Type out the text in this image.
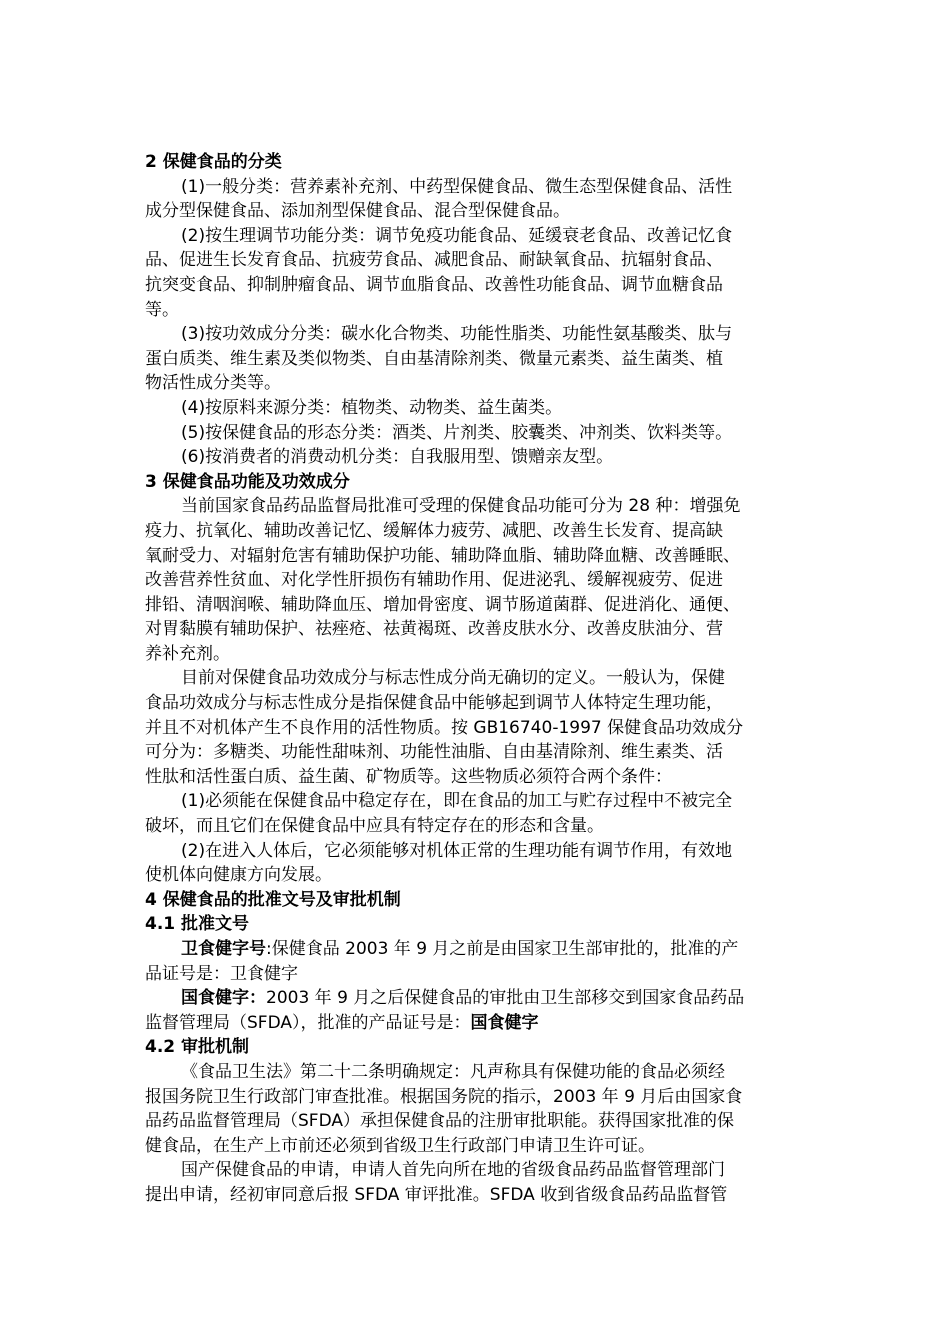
2 保健食品的分类
(1)一般分类：营养素补充剂、中药型保健食品、微生态型保健食品、活性
成分型保健食品、添加剂型保健食品、混合型保健食品。
(2)按生理调节功能分类：调节免疫功能食品、延缓衰老食品、改善记忆食
品、促进生长发育食品、抗疲劳食品、减肥食品、耐缺氧食品、抗辐射食品、
抗突变食品、抑制肿瘤食品、调节血脂食品、改善性功能食品、调节血糖食品
等。
(3)按功效成分分类：碳水化合物类、功能性脂类、功能性氨基酸类、肽与
蛋白质类、维生素及类似物类、自由基清除剂类、微量元素类、益生菌类、植
物活性成分类等。
(4)按原料来源分类：植物类、动物类、益生菌类。
(5)按保健食品的形态分类：酒类、片剂类、胶囊类、冲剂类、饮料类等。
(6)按消费者的消费动机分类：自我服用型、馈赠亲友型。
3 保健食品功能及功效成分
当前国家食品药品监督局批准可受理的保健食品功能可分为 28 种：增强免
疫力、抗氧化、辅助改善记忆、缓解体力疲劳、减肥、改善生长发育、提高缺
氧耐受力、对辐射危害有辅助保护功能、辅助降血脂、辅助降血糖、改善睡眠、
改善营养性贫血、对化学性肝损伤有辅助作用、促进泌乳、缓解视疲劳、促进
排铅、清咽润喉、辅助降血压、增加骨密度、调节肠道菌群、促进消化、通便、
对胃黏膜有辅助保护、祛痤疮、祛黄褐斑、改善皮肤水分、改善皮肤油分、营
养补充剂。
目前对保健食品功效成分与标志性成分尚无确切的定义。一般认为，保健
食品功效成分与标志性成分是指保健食品中能够起到调节人体特定生理功能，
并且不对机体产生不良作用的活性物质。按 GB16740-1997 保健食品功效成分
可分为：多糖类、功能性甜味剂、功能性油脂、自由基清除剂、维生素类、活
性肽和活性蛋白质、益生菌、矿物质等。这些物质必须符合两个条件：
(1)必须能在保健食品中稳定存在，即在食品的加工与贮存过程中不被完全
破坏，而且它们在保健食品中应具有特定存在的形态和含量。
(2)在进入人体后，它必须能够对机体正常的生理功能有调节作用，有效地
使机体向健康方向发展。
4 保健食品的批准文号及审批机制
4.1 批准文号
卫食健字号:保健食品 2003 年 9 月之前是由国家卫生部审批的，批准的产
品证号是：卫食健字
国食健字：2003 年 9 月之后保健食品的审批由卫生部移交到国家食品药品
监督管理局（SFDA），批准的产品证号是：国食健字
4.2 审批机制
《食品卫生法》第二十二条明确规定：凡声称具有保健功能的食品必须经
报国务院卫生行政部门审查批准。根据国务院的指示，2003 年 9 月后由国家食
品药品监督管理局（SFDA）承担保健食品的注册审批职能。获得国家批准的保
健食品，在生产上市前还必须到省级卫生行政部门申请卫生许可证。
国产保健食品的申请，申请人首先向所在地的省级食品药品监督管理部门
提出申请，经初审同意后报 SFDA 审评批准。SFDA 收到省级食品药品监督管
